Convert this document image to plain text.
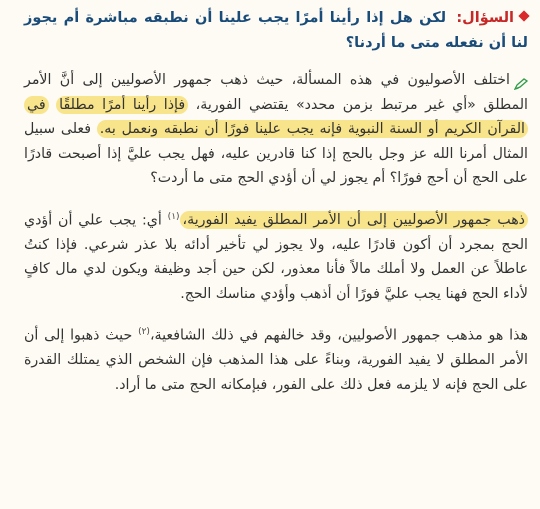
السؤال: لكن هل إذا رأينا أمرًا يجب علينا أن نطبقه مباشرة أم يجوز لنا أن نفعله متى ما أردنا؟

اختلف الأصوليون في هذه المسألة، حيث ذهب جمهور الأصوليين إلى أنَّ الأمر المطلق «أي غير مرتبط بزمن محدد» يقتضي الفورية، فإذا رأينا أمرًا مطلقًا في القرآن الكريم أو السنة النبوية فإنه يجب علينا فورًا أن نطبقه ونعمل به. فعلى سبيل المثال أمرنا الله عز وجل بالحج إذا كنا قادرين عليه، فهل يجب عليَّ إذا أصبحت قادرًا على الحج أن أحج فورًا؟ أم يجوز لي أن أؤدي الحج متى ما أردت؟

ذهب جمهور الأصوليين إلى أن الأمر المطلق يفيد الفورية،$^{(١)}$ أي: يجب علي أن أؤدي الحج بمجرد أن أكون قادرًا عليه، ولا يجوز لي تأخير أدائه بلا عذر شرعي. فإذا كنتُ عاطلاً عن العمل ولا أملك مالاً فأنا معذور، لكن حين أجد وظيفة ويكون لدي مال كافٍ لأداء الحج فهنا يجب عليَّ فورًا أن أذهب وأؤدي مناسك الحج.

هذا هو مذهب جمهور الأصوليين، وقد خالفهم في ذلك الشافعية،$^{(٢)}$ حيث ذهبوا إلى أن الأمر المطلق لا يفيد الفورية، وبناءً على هذا المذهب فإن الشخص الذي يمتلك القدرة على الحج فإنه لا يلزمه فعل ذلك على الفور، فبإمكانه الحج متى ما أراد.
